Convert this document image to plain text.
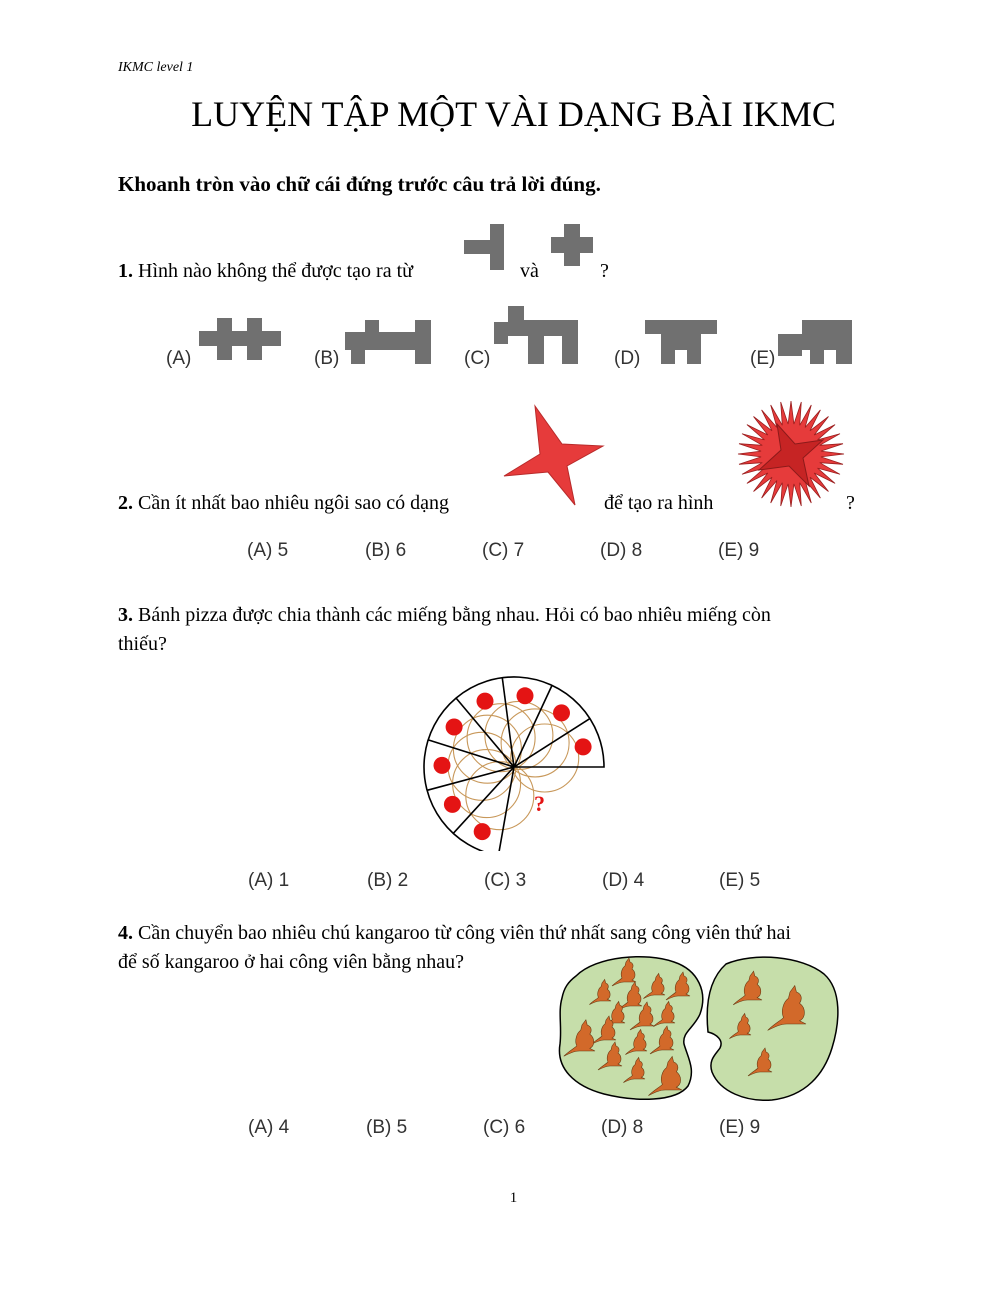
IKMC level 1
LUYỆN TẬP MỘT VÀI DẠNG BÀI IKMC
Khoanh tròn vào chữ cái đứng trước câu trả lời đúng.
1. Hình nào không thể được tạo ra từ	và	?
(A)	(B)	(C)	(D)	(E)
2. Cần ít nhất bao nhiêu ngôi sao có dạng	để tạo ra hình	?
(A) 5	(B) 6	(C) 7	(D) 8	(E) 9
3. Bánh pizza được chia thành các miếng bằng nhau. Hỏi có bao nhiêu miếng còn
thiếu?
?
(A) 1	(B) 2	(C) 3	(D) 4	(E) 5
4. Cần chuyển bao nhiêu chú kangaroo từ công viên thứ nhất sang công viên thứ hai
để số kangaroo ở hai công viên bằng nhau?
(A) 4	(B) 5	(C) 6	(D) 8	(E) 9
1
